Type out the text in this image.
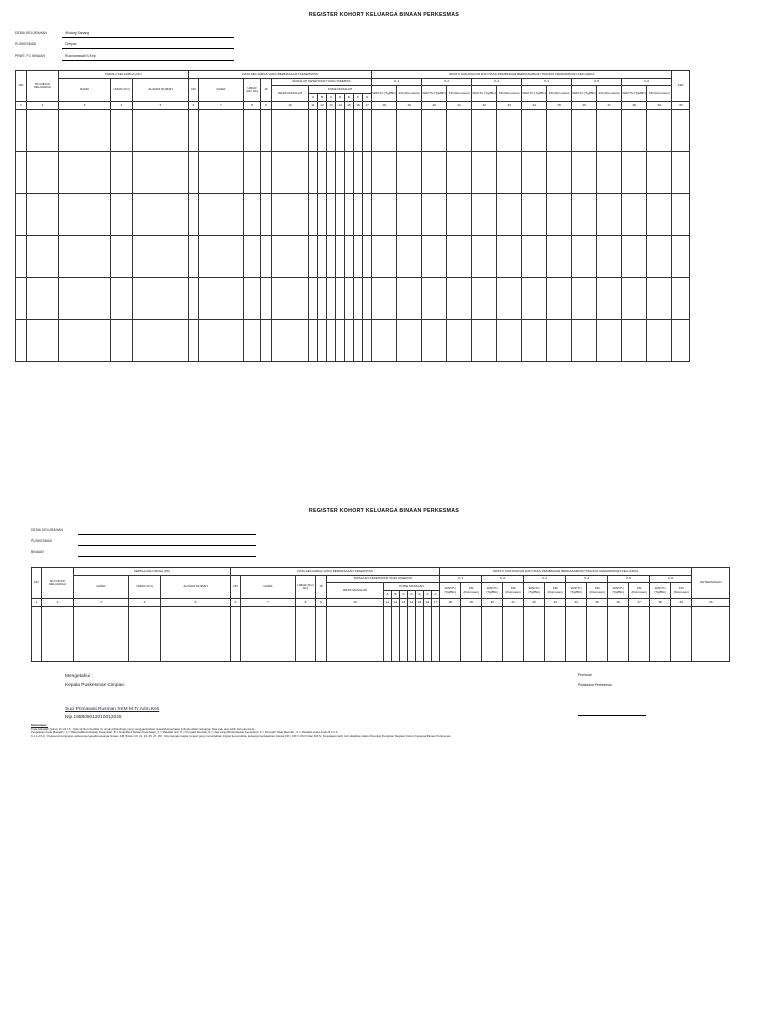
REGISTER KOHORT KELUARGA BINAAN PERKESMAS
DESA/ KELURAHAN	Widang Sanang
PUSKESMAS	Cimpae
PRWT. PJ. BINAAN	Rusmanawati S.Kep
NO	NO INDUK KELUARGA	KEPALA KELUARGA (KK)			DATA KELUARGA YANG BERMASALAH KESEHATAN												WAKTU KUNJUNGAN DAN HASIL PEMBINAAN BERDASARKAN TINGKAT KEMANDIRIAN KELUARGA												KET
		NAMA	UMUR (thn)	ALAMAT RUMAH	NO	NAMA	UMUR (thn/ bln)	JK	MASALAH KESEHATAN YANG DISERITA								K-1		K-2		K-3		K-4		K-5		K-6		
									JENIS MASALAH	KODE MASALAH							WAKTU (Tgl/Bln)	KM (Rumusan)	WAKTU (Tgl/Bln)	KM (Rumusan)	WAKTU (Tgl/Bln)	KM (Rumusan)	WAKTU (Tgl/Bln)	KM (Rumusan)	WAKTU (Tgl/Bln)	KM (Rumusan)	WAKTU (Tgl/Bln)	KM (Rumusan)	
										A	B	C	D	E	F	G													
1	2	3	4	5	6	7	8	9	10	11	12	13	14	15	16	17	18	19	20	21	22	23	24	25	26	27	28	29	30

REGISTER KOHORT KELUARGA BINAAN PERKESMAS
DESA/ KELURAHAN
PUSKESMAS
BINAAN
NO	NO INDUK KELUARGA	KEPALA KELUARGA (KK)			DATA KELUARGA YANG BERMASALAH KESEHATAN												WAKTU KUNJUNGAN DAN HASIL PEMBINAAN BERDASARKAN TINGKAT KEMANDIRIAN KELUARGA												KETERANGAN
		NAMA	UMUR (thn)	ALAMAT RUMAH	NO	NAMA	UMUR (thn/ bln)	JK	MASALAH KESEHATAN YANG DISERITA								K-1		K-2		K-3		K-4		K-5		K-6		
									JENIS MASALAH	KODE MASALAH							WAKTU (Tgl/Bln)	KM (Rumusan)	WAKTU (Tgl/Bln)	KM (Rumusan)	WAKTU (Tgl/Bln)	KM (Rumusan)	WAKTU (Tgl/Bln)	KM (Rumusan)	WAKTU (Tgl/Bln)	KM (Rumusan)	WAKTU (Tgl/Bln)	KM (Rumusan)	
										A	B	C	D	E	F	G													
1	2	3	4	5	6	7	8	9	10	11	12	13	14	15	16	17	18	19	20	21	22	23	24	25	26	27	28	29	30

Mengetahui :
Kepala Puskesmas Cimpae.
Suci Primawati Rusman SKM M.Tr.Adm.Kes
Nip.198805012010012025
Pembuat
Pelaksana Perkesmas.
Keterangan :
Kode Masalah (kolom 11 s/d 17) : Diisi simbol checklist (√) untuk pilihan/kode yang menggambarkan masalah kesehatan individu dalam keluarga, bisa satu atau lebih dari satu kode
Penjelasan Kode Masalah : A = Maternal/Resti Rawan Kesehatan, B = Anak/Resti Rawan Kesehatan, C = Masalah Gizi, D = Penyakit Menular, E = Usia Lanjut/Resti Rawan Kesehatan, F = Penyakit Tidak Menular , G = Masalah selain Kode B s.d. F
K-1 s.d K-6 : Frekuensi kunjungan perkesmas kepada keluarga binaan. KM (Kolom 19, 21, 23, 25, 27, 29) : Diisi dengan angka romawi yang menunjukkan tingkat kemandirian keluarga berdasarkan kriteria KM I, KM II, KM III dan KM IV. Penjelasan lebih rinci dikaitkan dalam Petunjuk Pengisian Register Kohort Keluarga Binaan Perkesmas.
